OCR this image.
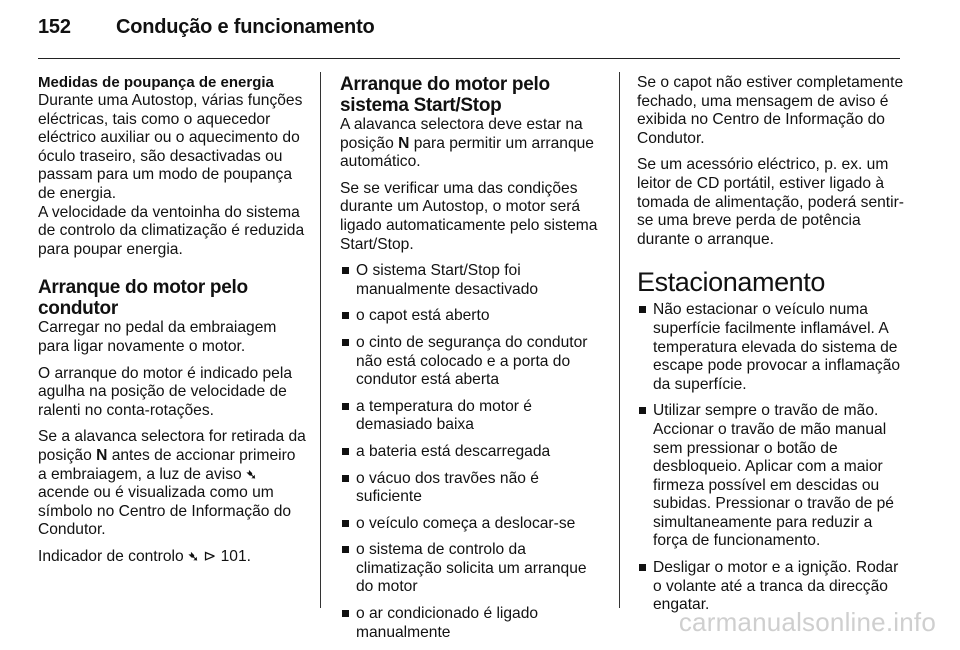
152 Condução e funcionamento
Medidas de poupança de energia
Durante uma Autostop, várias funções eléctricas, tais como o aquecedor eléctrico auxiliar ou o aquecimento do óculo traseiro, são desactivadas ou passam para um modo de poupança de energia.

A velocidade da ventoinha do sistema de controlo da climatização é reduzida para poupar energia.

Arranque do motor pelo condutor

Carregar no pedal da embraiagem para ligar novamente o motor.

O arranque do motor é indicado pela agulha na posição de velocidade de ralenti no conta-rotações.

Se a alavanca selectora for retirada da posição N antes de accionar primeiro a embraiagem, a luz de aviso ➴ acende ou é visualizada como um símbolo no Centro de Informação do Condutor.

Indicador de controlo ➴ ⊳ 101.

Arranque do motor pelo sistema Start/Stop

A alavanca selectora deve estar na posição N para permitir um arranque automático.

Se se verificar uma das condições durante um Autostop, o motor será ligado automaticamente pelo sistema Start/Stop.

O sistema Start/Stop foi manualmente desactivado
o capot está aberto
o cinto de segurança do condutor não está colocado e a porta do condutor está aberta
a temperatura do motor é demasiado baixa
a bateria está descarregada
o vácuo dos travões não é suficiente
o veículo começa a deslocar-se
o sistema de controlo da climatização solicita um arranque do motor
o ar condicionado é ligado manualmente

Se o capot não estiver completamente fechado, uma mensagem de aviso é exibida no Centro de Informação do Condutor.

Se um acessório eléctrico, p. ex. um leitor de CD portátil, estiver ligado à tomada de alimentação, poderá sentir-se uma breve perda de potência durante o arranque.

Estacionamento
Não estacionar o veículo numa superfície facilmente inflamável. A temperatura elevada do sistema de escape pode provocar a inflamação da superfície.
Utilizar sempre o travão de mão. Accionar o travão de mão manual sem pressionar o botão de desbloqueio. Aplicar com a maior firmeza possível em descidas ou subidas. Pressionar o travão de pé simultaneamente para reduzir a força de funcionamento.
Desligar o motor e a ignição. Rodar o volante até a tranca da direcção engatar.
carmanualsonline.info
